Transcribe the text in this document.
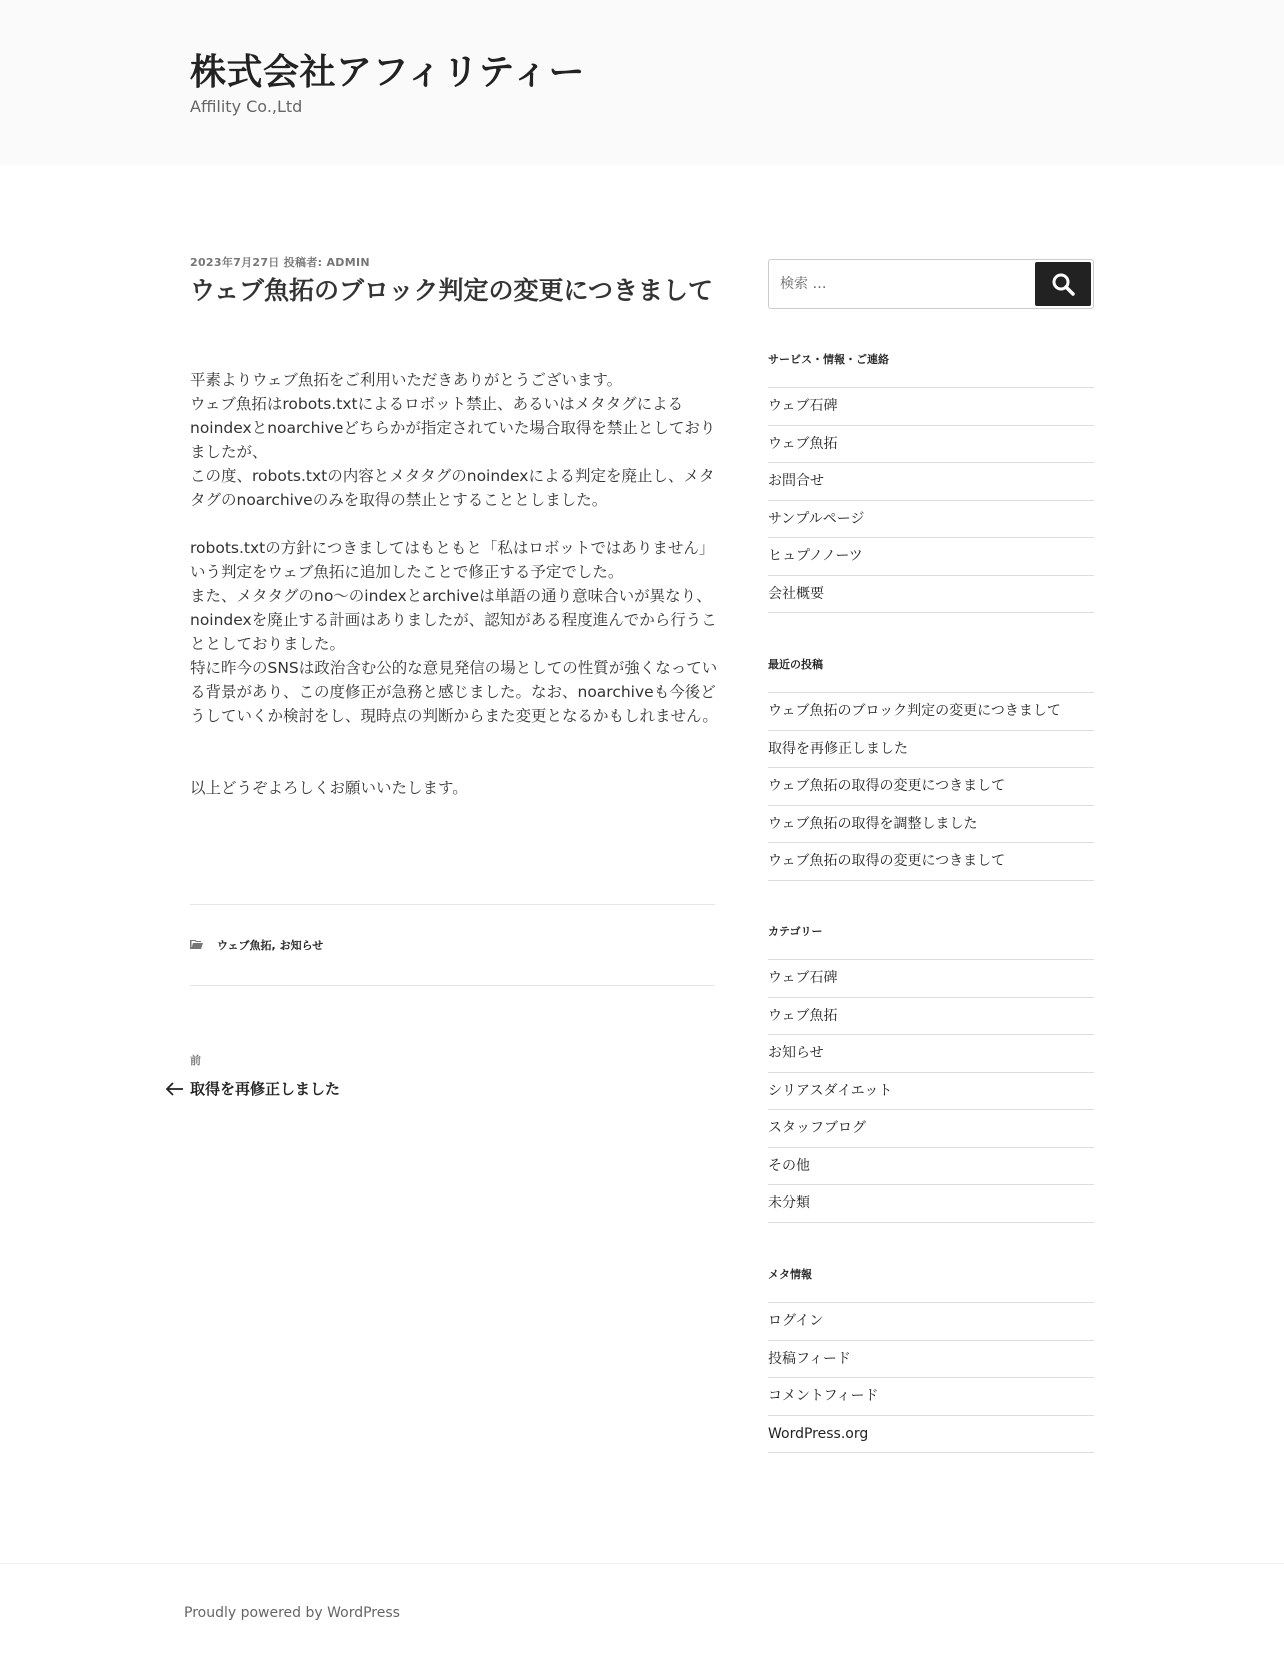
株式会社アフィリティー
Affility Co.,Ltd
2023年7月27日 投稿者: ADMIN
ウェブ魚拓のブロック判定の変更につきまして

平素よりウェブ魚拓をご利用いただきありがとうございます。
ウェブ魚拓はrobots.txtによるロボット禁止、あるいはメタタグによるnoindexとnoarchiveどちらかが指定されていた場合取得を禁止としておりましたが、
この度、robots.txtの内容とメタタグのnoindexによる判定を廃止し、メタタグのnoarchiveのみを取得の禁止とすることとしました。

robots.txtの方針につきましてはもともと「私はロボットではありません」いう判定をウェブ魚拓に追加したことで修正する予定でした。
また、メタタグのno〜のindexとarchiveは単語の通り意味合いが異なり、
noindexを廃止する計画はありましたが、認知がある程度進んでから行うこととしておりました。
特に昨今のSNSは政治含む公的な意見発信の場としての性質が強くなっている背景があり、この度修正が急務と感じました。なお、noarchiveも今後どうしていくか検討をし、現時点の判断からまた変更となるかもしれません。

以上どうぞよろしくお願いいたします。

ウェブ魚拓, お知らせ
前
取得を再修正しました
検索 …
サービス・情報・ご連絡
ウェブ石碑
ウェブ魚拓
お問合せ
サンプルページ
ヒュプノノーツ
会社概要
最近の投稿
ウェブ魚拓のブロック判定の変更につきまして
取得を再修正しました
ウェブ魚拓の取得の変更につきまして
ウェブ魚拓の取得を調整しました
ウェブ魚拓の取得の変更につきまして
カテゴリー
ウェブ石碑
ウェブ魚拓
お知らせ
シリアスダイエット
スタッフブログ
その他
未分類
メタ情報
ログイン
投稿フィード
コメントフィード
WordPress.org
Proudly powered by WordPress
